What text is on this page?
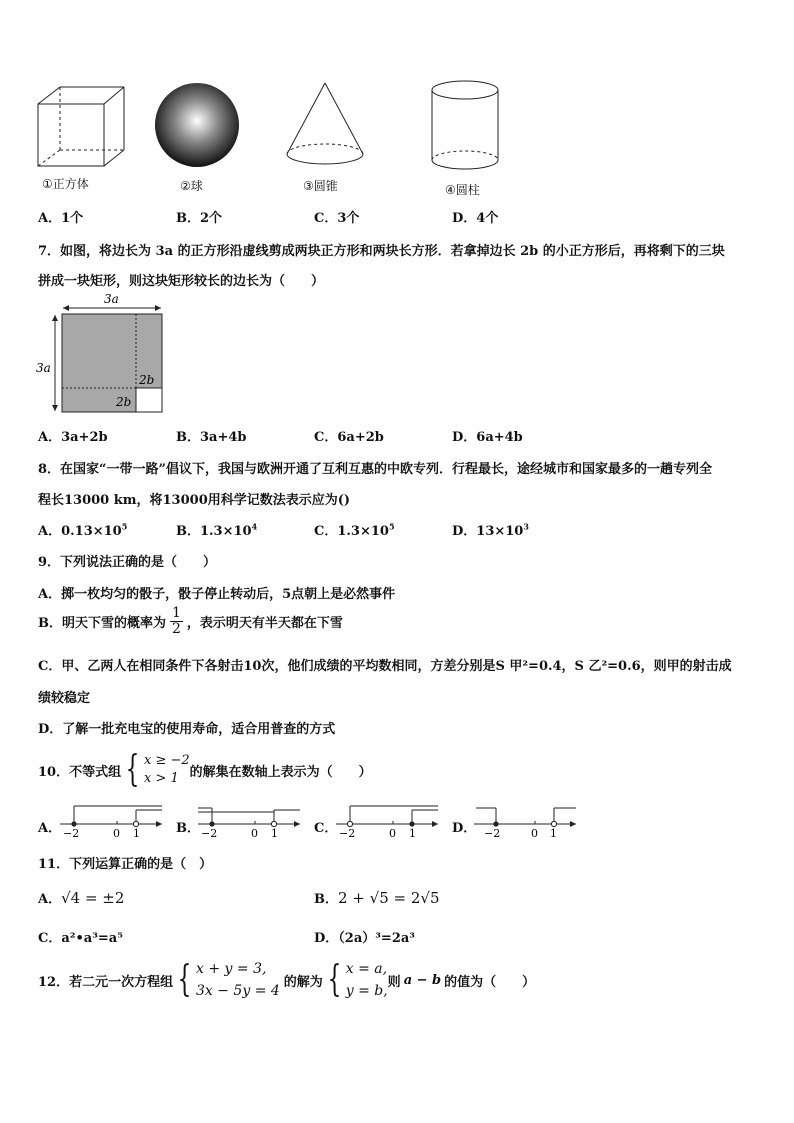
①正方体	②球	③圆锥	④圆柱
A．1个	B．2个	C．3个	D．4个
7．如图，将边长为 3a 的正方形沿虚线剪成两块正方形和两块长方形．若拿掉边长 2b 的小正方形后，再将剩下的三块
拼成一块矩形，则这块矩形较长的边长为（　　）
3a
3a
2b
2b
A．3a+2b	B．3a+4b	C．6a+2b	D．6a+4b
8．在国家“一带一路”倡议下，我国与欧洲开通了互利互惠的中欧专列．行程最长，途经城市和国家最多的一趟专列全
程长13000 km，将13000用科学记数法表示应为()
A．$0.13\times 10^5$	B．$1.3\times 10^4$	C．$1.3\times 10^5$	D．$13\times 10^3$
9．下列说法正确的是（　　）
A．掷一枚均匀的骰子，骰子停止转动后，5点朝上是必然事件
B．明天下雪的概率为 $\frac{1}{2}$ ，表示明天有半天都在下雪
C．甲、乙两人在相同条件下各射击10次，他们成绩的平均数相同，方差分别是S 甲²=0.4，S 乙²=0.6，则甲的射击成
绩较稳定
D．了解一批充电宝的使用寿命，适合用普查的方式
10．不等式组 { x ≥ −2
x > 1 的解集在数轴上表示为（　　）
A．	B．	C．	D．
−2	0 1	−2	0 1	−2	0 1	−2	0 1
11．下列运算正确的是（　）
A． √4 = ±2	B． 2 + √5 = 2√5
C．a²•a³=a⁵	D．（2a）³=2a³
12．若二元一次方程组 { x + y = 3,
3x − 5y = 4
的解为 { x = a,
y = b,
则 a − b 的值为（　　）
